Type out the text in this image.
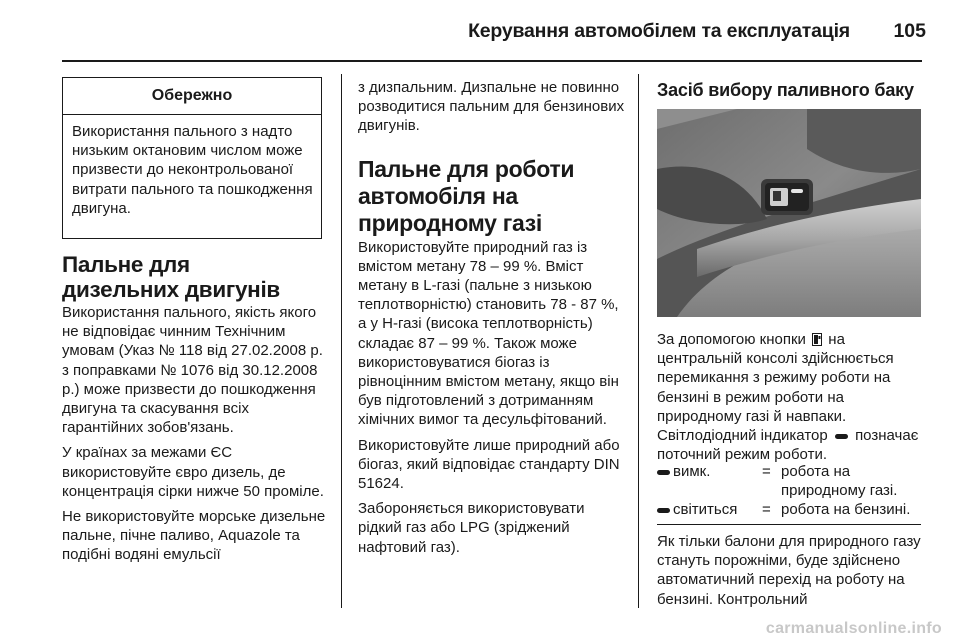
Керування автомобілем та експлуатація	105
Обережно
Використання пального з надто низьким октановим числом може призвести до неконтрольованої витрати пального та пошкодження двигуна.
Пальне для дизельних двигунів

Використання пального, якість якого не відповідає чинним Технічним умовам (Указ № 118 від 27.02.2008 р. з поправками № 1076 від 30.12.2008 р.) може призвести до пошкодження двигуна та скасування всіх гарантійних зобов'язань.

У країнах за межами ЄС використовуйте євро дизель, де концентрація сірки нижче 50 проміле.

Не використовуйте морське дизельне пальне, пічне паливо, Aquazole та подібні водяні емульсії

з дизпальним. Дизпальне не повинно розводитися пальним для бензинових двигунів.

Пальне для роботи автомобіля на природному газі

Використовуйте природний газ із вмістом метану 78 – 99 %. Вміст метану в L-газі (пальне з низькою теплотворністю) становить 78 - 87 %, а у H-газі (висока теплотворність) складає 87 – 99 %. Також може використовуватися біогаз із рівноцінним вмістом метану, якщо він був підготовлений з дотриманням хімічних вимог та десульфітований.

Використовуйте лише природний або біогаз, який відповідає стандарту DIN 51624.

Забороняється використовувати рідкий газ або LPG (зріджений нафтовий газ).

Засіб вибору паливного баку

За допомогою кнопки на центральній консолі здійснюється перемикання з режиму роботи на бензині в режим роботи на природному газі й навпаки. Світлодіодний індикатор позначає поточний режим роботи.

вимк.	= робота на природному газі.
світиться = робота на бензині.

Як тільки балони для природного газу стануть порожніми, буде здійснено автоматичний перехід на роботу на бензині. Контрольний

carmanualsonline.info
